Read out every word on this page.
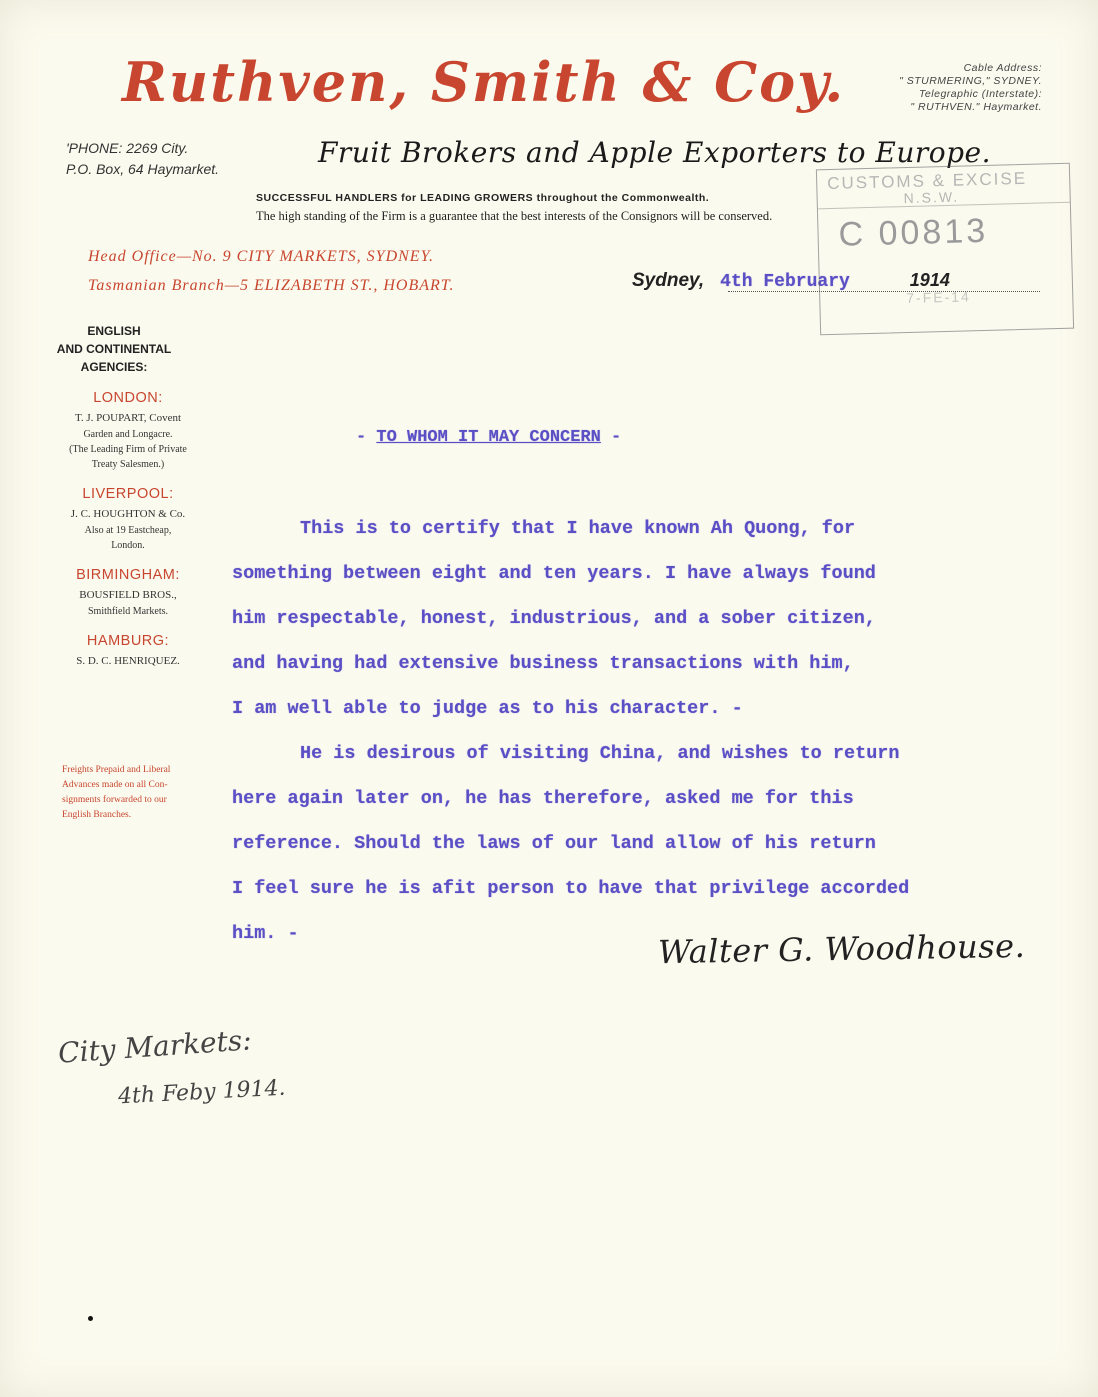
Ruthven, Smith & Coy.	Cable Address:
" STURMERING," SYDNEY.
Telegraphic (Interstate):
" RUTHVEN." Haymarket.
'PHONE: 2269 City.
P.O. Box, 64 Haymarket.	Fruit Brokers and Apple Exporters to Europe.
SUCCESSFUL HANDLERS for LEADING GROWERS throughout the Commonwealth.
The high standing of the Firm is a guarantee that the best interests of the Consignors will be conserved.
Head Office—No. 9 CITY MARKETS, SYDNEY.
Tasmanian Branch—5 ELIZABETH ST., HOBART.	Sydney, 4th February	1914
CUSTOMS & EXCISE
N.S.W.
C 00813
7-FE-14
ENGLISH
AND CONTINENTAL
AGENCIES:
LONDON:
T. J. POUPART, Covent
Garden and Longacre.
(The Leading Firm of Private
Treaty Salesmen.)
LIVERPOOL:
J. C. HOUGHTON & Co.
Also at 19 Eastcheap,
London.
BIRMINGHAM:
BOUSFIELD BROS.,
Smithfield Markets.
HAMBURG:
S. D. C. HENRIQUEZ.
Freights Prepaid and Liberal
Advances made on all Con-
signments forwarded to our
English Branches.
- TO WHOM IT MAY CONCERN -
This is to certify that I have known Ah Quong, for
something between eight and ten years. I have always found
him respectable, honest, industrious, and a sober citizen,
and having had extensive business transactions with him,
I am well able to judge as to his character. -
He is desirous of visiting China, and wishes to return
here again later on, he has therefore, asked me for this
reference. Should the laws of our land allow of his return
I feel sure he is afit person to have that privilege accorded
him. -	Walter G. Woodhouse.
City Markets:
4th Feby 1914.
